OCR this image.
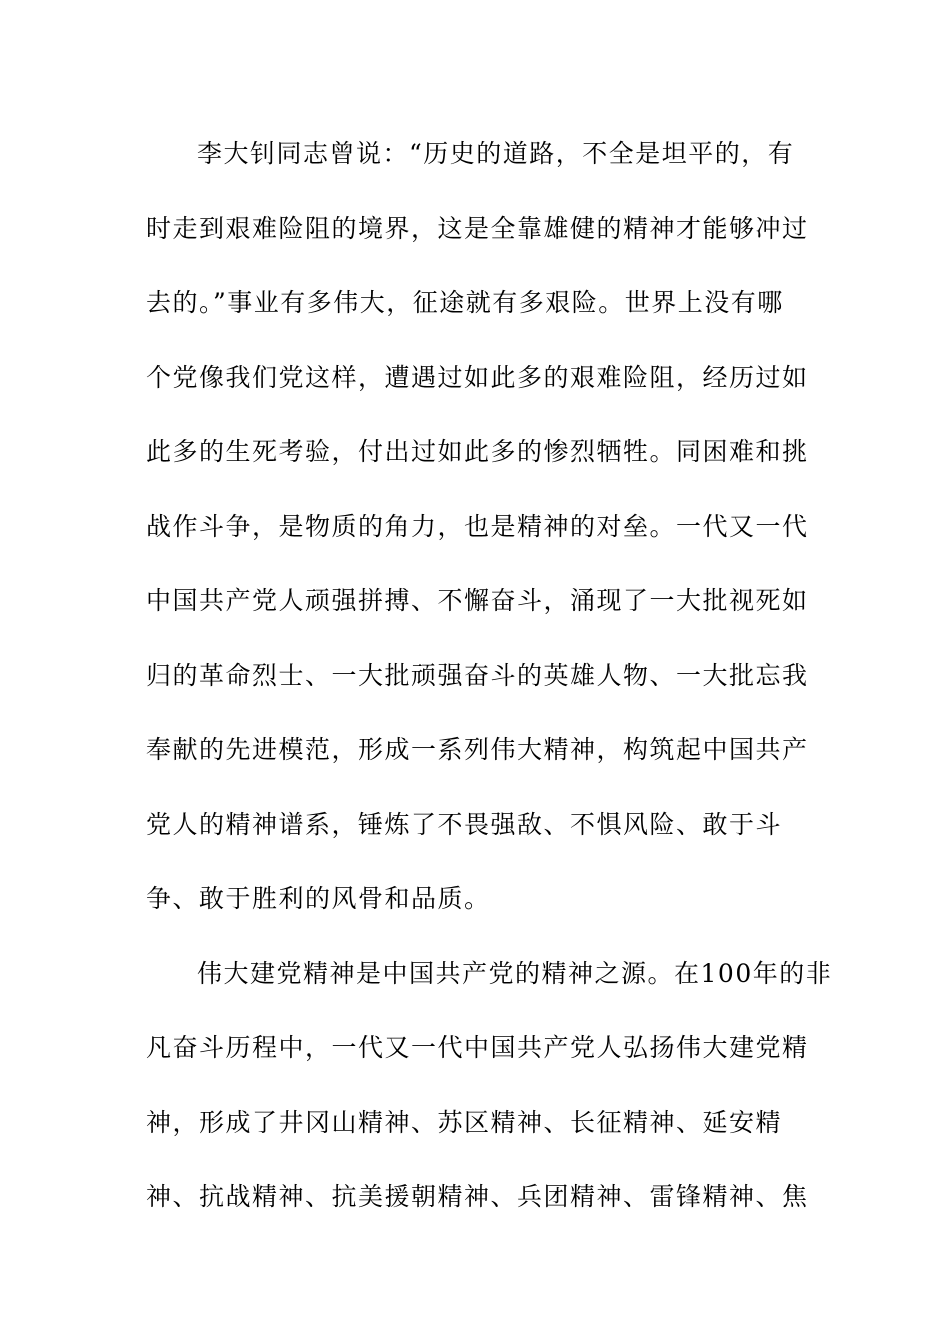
李大钊同志曾说：“历史的道路，不全是坦平的，有
时走到艰难险阻的境界，这是全靠雄健的精神才能够冲过
去的。”事业有多伟大，征途就有多艰险。世界上没有哪
个党像我们党这样，遭遇过如此多的艰难险阻，经历过如
此多的生死考验，付出过如此多的惨烈牺牲。同困难和挑
战作斗争，是物质的角力，也是精神的对垒。一代又一代
中国共产党人顽强拼搏、不懈奋斗，涌现了一大批视死如
归的革命烈士、一大批顽强奋斗的英雄人物、一大批忘我
奉献的先进模范，形成一系列伟大精神，构筑起中国共产
党人的精神谱系，锤炼了不畏强敌、不惧风险、敢于斗
争、敢于胜利的风骨和品质。
伟大建党精神是中国共产党的精神之源。在100年的非
凡奋斗历程中，一代又一代中国共产党人弘扬伟大建党精
神，形成了井冈山精神、苏区精神、长征精神、延安精
神、抗战精神、抗美援朝精神、兵团精神、雷锋精神、焦
